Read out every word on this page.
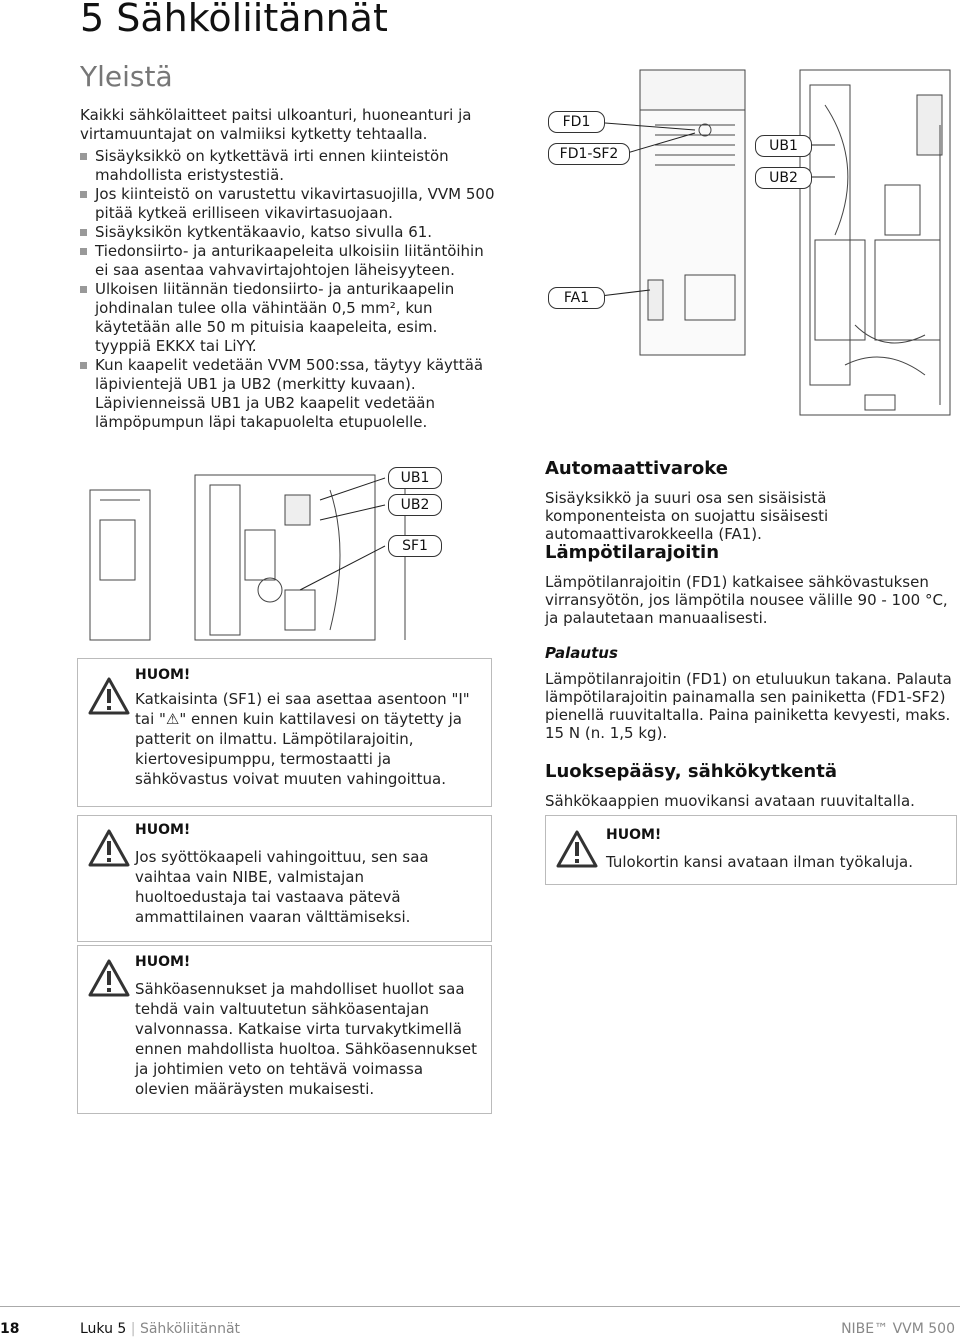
5 Sähköliitännät
Yleistä
Kaikki sähkölaitteet paitsi ulkoanturi, huoneanturi ja virtamuuntajat on valmiiksi kytketty tehtaalla.
Sisäyksikkö on kytkettävä irti ennen kiinteistön mahdollista eristystestiä.
Jos kiinteistö on varustettu vikavirtasuojilla, VVM 500 pitää kytkeä erilliseen vikavirtasuojaan.
Sisäyksikön kytkentäkaavio, katso sivulla 61.
Tiedonsiirto- ja anturikaapeleita ulkoisiin liitäntöihin ei saa asentaa vahvavirtajohtojen läheisyyteen.
Ulkoisen liitännän tiedonsiirto- ja anturikaapelin johdinalan tulee olla vähintään 0,5 mm², kun käytetään alle 50 m pituisia kaapeleita, esim. tyyppiä EKKX tai LiYY.
Kun kaapelit vedetään VVM 500:ssa, täytyy käyttää läpivientejä UB1 ja UB2 (merkitty kuvaan). Läpivienneissä UB1 ja UB2 kaapelit vedetään lämpöpumpun läpi takapuolelta etupuolelle.
FD1
FD1-SF2
FA1
UB1
UB2
UB1
UB2
SF1
HUOM!
Katkaisinta (SF1) ei saa asettaa asentoon "I" tai "⚠" ennen kuin kattilavesi on täytetty ja patterit on ilmattu. Lämpötilarajoitin, kiertovesipumppu, termostaatti ja sähkövastus voivat muuten vahingoittua.
HUOM!
Jos syöttökaapeli vahingoittuu, sen saa vaihtaa vain NIBE, valmistajan huoltoedustaja tai vastaava pätevä ammattilainen vaaran välttämiseksi.
HUOM!
Sähköasennukset ja mahdolliset huollot saa tehdä vain valtuutetun sähköasentajan valvonnassa. Katkaise virta turvakytkimellä ennen mahdollista huoltoa. Sähköasennukset ja johtimien veto on tehtävä voimassa olevien määräysten mukaisesti.
Automaattivaroke
Sisäyksikkö ja suuri osa sen sisäisistä komponenteista on suojattu sisäisesti automaattivarokkeella (FA1).
Lämpötilarajoitin
Lämpötilanrajoitin (FD1) katkaisee sähkövastuksen virransyötön, jos lämpötila nousee välille 90 - 100 °C, ja palautetaan manuaalisesti.
Palautus
Lämpötilanrajoitin (FD1) on etuluukun takana. Palauta lämpötilarajoitin painamalla sen painiketta (FD1-SF2) pienellä ruuvitaltalla. Paina painiketta kevyesti, maks. 15 N (n. 1,5 kg).
Luoksepääsy, sähkökytkentä
Sähkökaappien muovikansi avataan ruuvitaltalla.
HUOM!
Tulokortin kansi avataan ilman työkaluja.
18	Luku 5 | Sähköliitännät	NIBE™ VVM 500
